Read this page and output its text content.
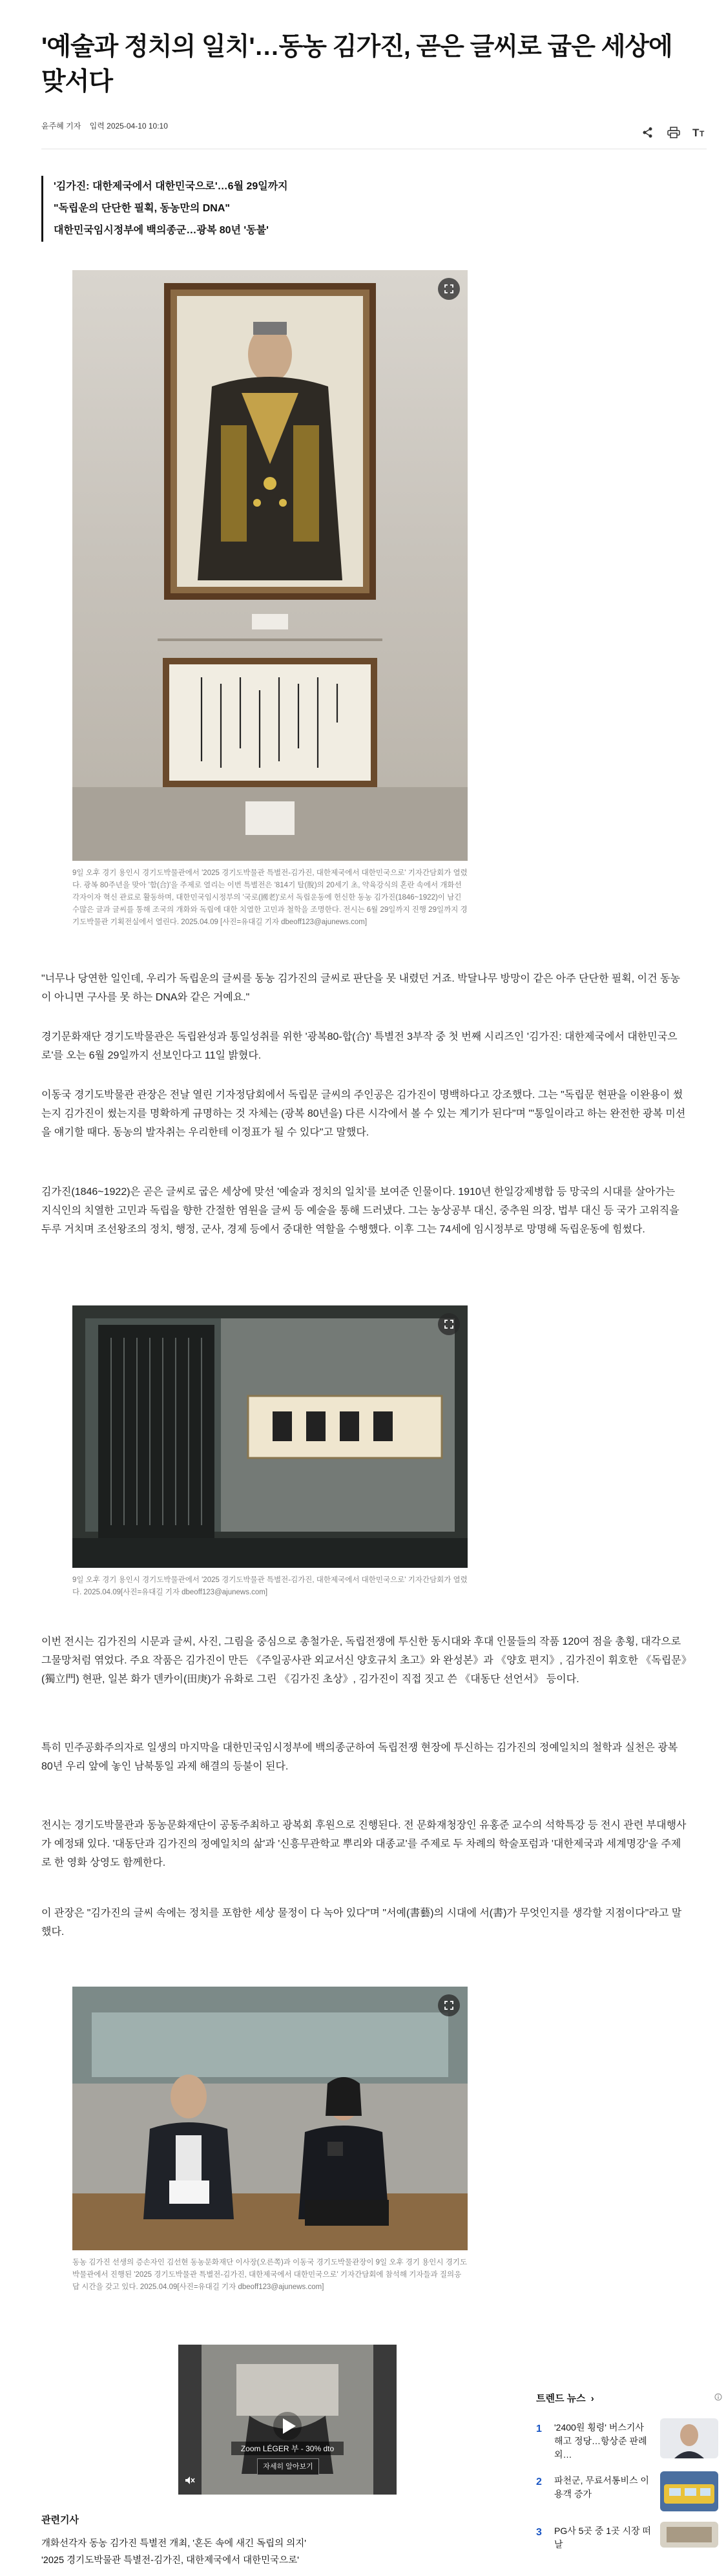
'예술과 정치의 일치'…동농 김가진, 곧은 글씨로 굽은 세상에 맞서다
윤주혜 기자 입력 2025-04-10 10:10
T T
'김가진: 대한제국에서 대한민국으로'…6월 29일까지
"독립운의 단단한 필획, 동농만의 DNA"
대한민국임시정부에 백의종군…광복 80년 '동불'
9일 오후 경기 용인시 경기도박물관에서 '2025 경기도박물관 특별전-김가진, 대한제국에서 대한민국으로' 기자간담회가 열렸다. 광복 80주년을 맞아 '함(合)'을 주제로 열리는 이번 특별전은 '814기 탈(脫)의 20세기 초, 약육강식의 혼란 속에서 개화선각자이자 혁신 관료로 활동하며, 대한민국임시정부의 '국로(國老)'로서 독립운동에 헌신한 동농 김가진(1846~1922)이 남긴 수많은 글과 글씨를 통해 조국의 개화와 독립에 대한 치열한 고민과 철학을 조명한다. 전시는 6월 29일까지 진행 29일까지 경기도박물관 기획전실에서 열린다. 2025.04.09 [사진=유대길 기자 dbeoff123@ajunews.com]

"너무나 당연한 일인데, 우리가 독립운의 글씨를 동농 김가진의 글씨로 판단을 못 내렸던 거죠. 박달나무 방망이 같은 아주 단단한 필획, 이건 동농이 아니면 구사를 못 하는 DNA와 같은 거예요."

경기문화재단 경기도박물관은 독립완성과 통일성취를 위한 '광복80-합(合)' 특별전 3부작 중 첫 번째 시리즈인 '김가진: 대한제국에서 대한민국으로'를 오는 6월 29일까지 선보인다고 11일 밝혔다.

이동국 경기도박물관 관장은 전날 열린 기자정담회에서 독립문 글씨의 주인공은 김가진이 명백하다고 강조했다. 그는 "독립문 현판을 이완용이 썼는지 김가진이 썼는지를 명확하게 규명하는 것 자체는 (광복 80년을) 다른 시각에서 볼 수 있는 계기가 된다"며 "'통일이라고 하는 완전한 광복 미션을 얘기할 때다. 동농의 발자취는 우리한테 이정표가 될 수 있다"고 말했다.

김가진(1846~1922)은 곧은 글씨로 굽은 세상에 맞선 '예술과 정치의 일치'를 보여준 인물이다. 1910년 한일강제병합 등 망국의 시대를 살아가는 지식인의 치열한 고민과 독립을 향한 간절한 염원을 글씨 등 예술을 통해 드러냈다. 그는 농상공부 대신, 중추원 의장, 법부 대신 등 국가 고위직을 두루 거치며 조선왕조의 정치, 행정, 군사, 경제 등에서 중대한 역할을 수행했다. 이후 그는 74세에 임시정부로 망명해 독립운동에 힘썼다.

9일 오후 경기 용인시 경기도박물관에서 '2025 경기도박물관 특별전-김가진, 대한제국에서 대한민국으로' 기자간담회가 열렸다. 2025.04.09[사진=유대길 기자 dbeoff123@ajunews.com]

이번 전시는 김가진의 시문과 글씨, 사진, 그림을 중심으로 총철가운, 독립전쟁에 투신한 동시대와 후대 인물들의 작품 120여 점을 총횡, 대각으로 그물망처럼 엮었다. 주요 작품은 김가진이 만든 《주일공사관 외교서신 양호규치 초고》와 완성본》과 《양호 편지》, 김가진이 휘호한 《독립문》(獨立門) 현판, 일본 화가 덴카이(田庚)가 유화로 그린 《김가진 초상》, 김가진이 직접 짓고 쓴 《대동단 선언서》 등이다.

특히 민주공화주의자로 일생의 마지막을 대한민국임시정부에 백의종군하여 독립전쟁 현장에 투신하는 김가진의 정예일치의 철학과 실천은 광복 80년 우리 앞에 놓인 남북통일 과제 해결의 등불이 된다.

전시는 경기도박물관과 동농문화재단이 공동주최하고 광복회 후원으로 진행된다. 전 문화재청장인 유홍준 교수의 석학특강 등 전시 관련 부대행사가 예정돼 있다. '대동단과 김가진의 정예일치의 삶'과 '신흥무관학교 뿌리와 대종교'를 주제로 두 차례의 학술포럼과 '대한제국과 세계명강'을 주제로 한 영화 상영도 함께한다.

이 관장은 "김가진의 글씨 속에는 정치를 포함한 세상 물정이 다 녹아 있다"며 "서예(書藝)의 시대에 서(書)가 무엇인지를 생각할 지점이다"라고 말했다.

동농 김가진 선생의 증손자인 김선현 동농문화재단 이사장(오른쪽)과 이동국 경기도박물관장이 9일 오후 경기 용인시 경기도박물관에서 진행된 '2025 경기도박물관 특별전-김가진, 대한제국에서 대한민국으로' 기자간담회에 참석해 기자들과 질의응답 시간을 갖고 있다. 2025.04.09[사진=유대길 기자 dbeoff123@ajunews.com]
Zoom LÉGER 부 - 30% dto
자세히 알아보기
트렌드 뉴스 ›
1 '2400원 횡령' 버스기사 해고 정당…항상준 판례외…
2 파천군, 무료서통비스 이용객 증가
3 PG사 5곳 중 1곳 시장 떠날
관련기사
개화선각자 동농 김가진 특별전 개최, '혼돈 속에 새긴 독립의 의지'
'2025 경기도박물관 특별전-김가진, 대한제국에서 대한민국으로'
